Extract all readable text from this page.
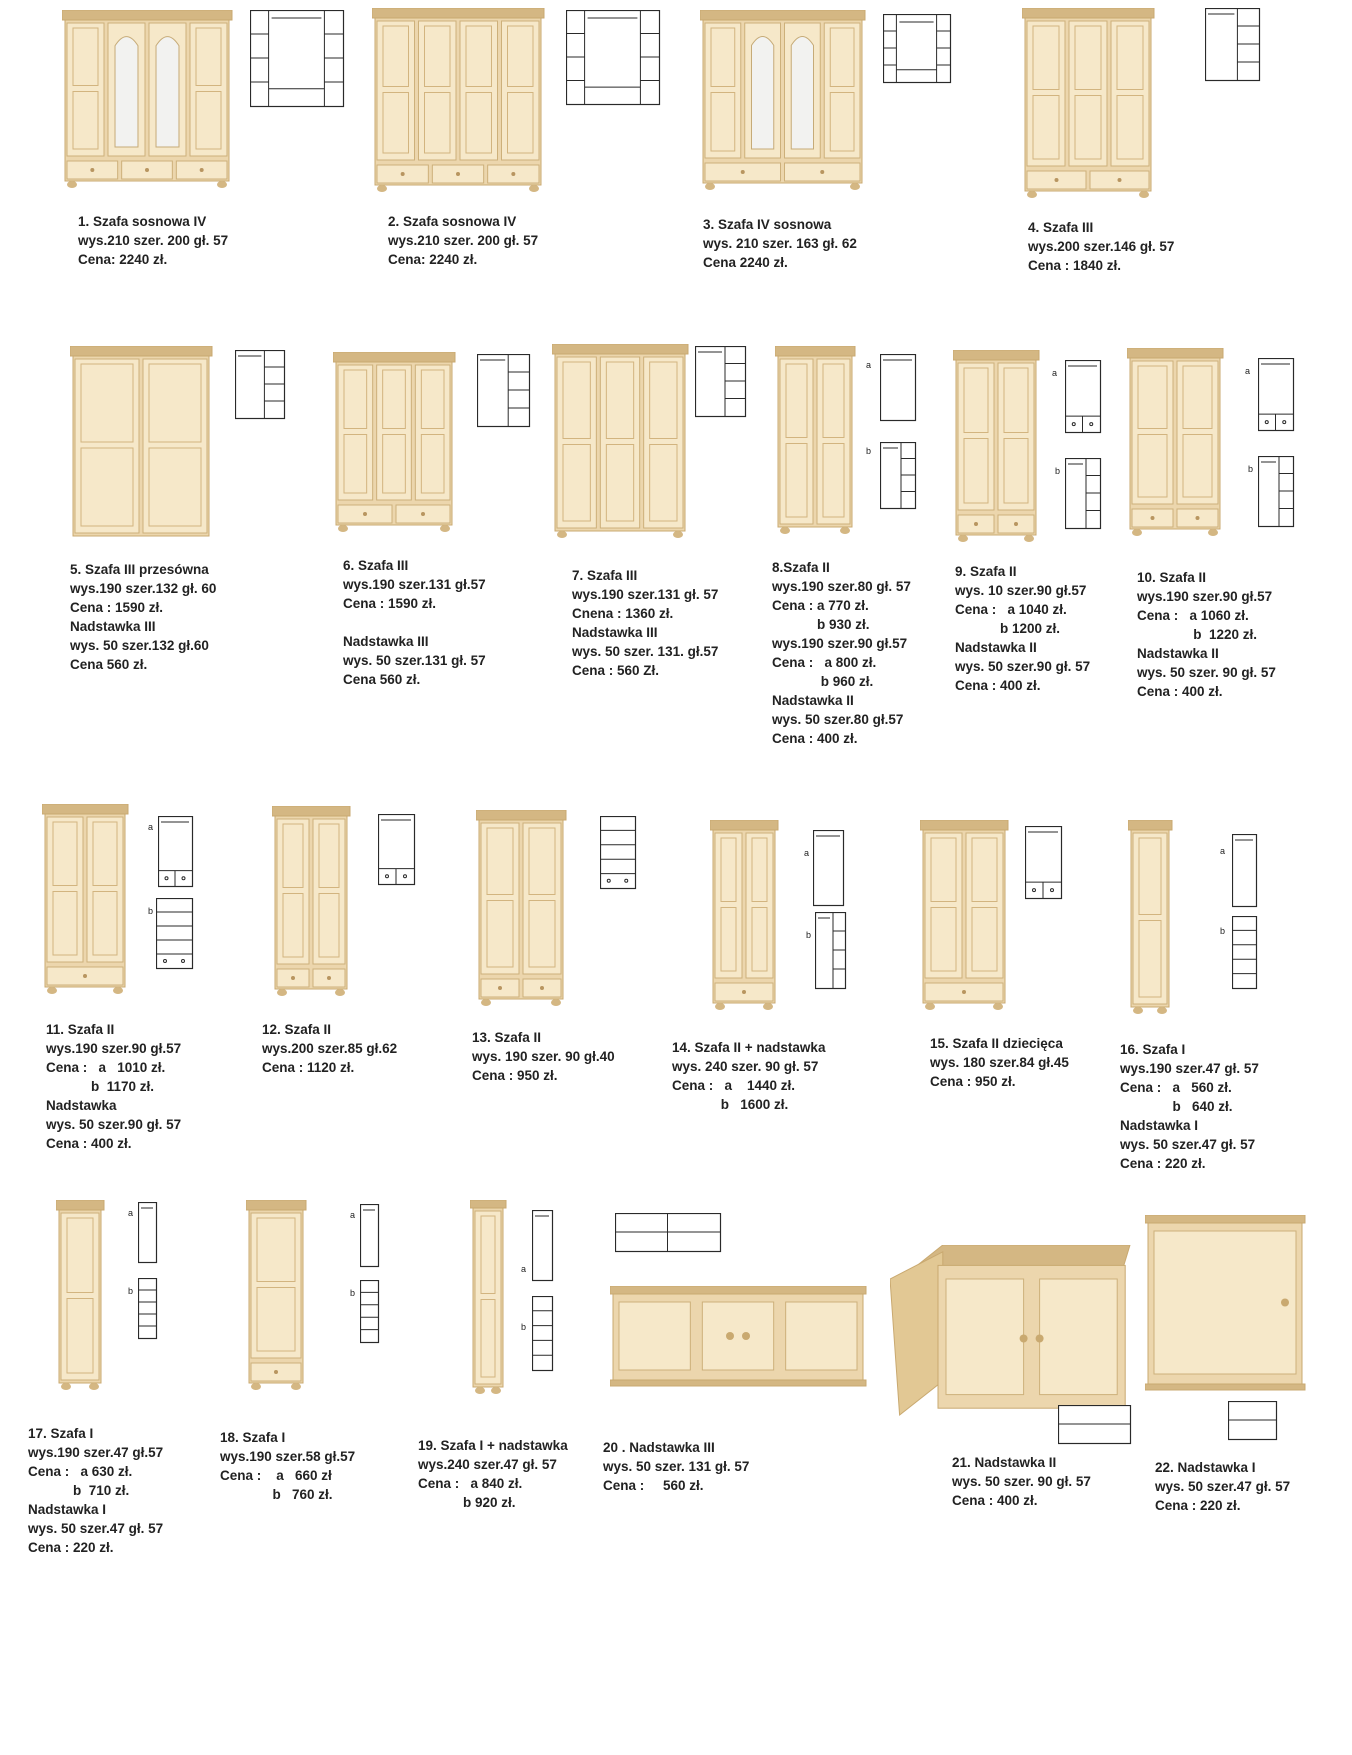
1. Szafa sosnowa IV
wys.210 szer. 200 gł. 57
Cena: 2240 zł.
2. Szafa sosnowa IV
wys.210 szer. 200 gł. 57
Cena: 2240 zł.
3. Szafa IV sosnowa
wys. 210 szer. 163 gł. 62
Cena 2240 zł.
4. Szafa III
wys.200 szer.146 gł. 57
Cena : 1840 zł.
5. Szafa III przesówna
wys.190 szer.132 gł. 60
Cena : 1590 zł.
Nadstawka III
wys. 50 szer.132 gł.60
Cena 560 zł.
6. Szafa III
wys.190 szer.131 gł.57
Cena : 1590 zł.

Nadstawka III
wys. 50 szer.131 gł. 57
Cena 560 zł.
7. Szafa III
wys.190 szer.131 gł. 57
Cnena : 1360 zł.
Nadstawka III
wys. 50 szer. 131. gł.57
Cena : 560 Zł.
8.Szafa II
wys.190 szer.80 gł. 57
Cena : a 770 zł.
b 930 zł.
wys.190 szer.90 gł.57
Cena :   a 800 zł.
b 960 zł.
Nadstawka II
wys. 50 szer.80 gł.57
Cena : 400 zł.
9. Szafa II
wys. 10 szer.90 gł.57
Cena :   a 1040 zł.
b 1200 zł.
Nadstawka II
wys. 50 szer.90 gł. 57
Cena : 400 zł.
10. Szafa II
wys.190 szer.90 gł.57
Cena :   a 1060 zł.
b  1220 zł.
Nadstawka II
wys. 50 szer. 90 gł. 57
Cena : 400 zł.
11. Szafa II
wys.190 szer.90 gł.57
Cena :   a   1010 zł.
b  1170 zł.
Nadstawka
wys. 50 szer.90 gł. 57
Cena : 400 zł.
12. Szafa II
wys.200 szer.85 gł.62
Cena : 1120 zł.
13. Szafa II
wys. 190 szer. 90 gł.40
Cena : 950 zł.
14. Szafa II + nadstawka
wys. 240 szer. 90 gł. 57
Cena :   a    1440 zł.
b   1600 zł.
15. Szafa II dziecięca
wys. 180 szer.84 gł.45
Cena : 950 zł.
16. Szafa I
wys.190 szer.47 gł. 57
Cena :   a   560 zł.
b   640 zł.
Nadstawka I
wys. 50 szer.47 gł. 57
Cena : 220 zł.
17. Szafa I
wys.190 szer.47 gł.57
Cena :   a 630 zł.
b  710 zł.
Nadstawka I
wys. 50 szer.47 gł. 57
Cena : 220 zł.
18. Szafa I
wys.190 szer.58 gł.57
Cena :    a   660 zł
b   760 zł.
19. Szafa I + nadstawka
wys.240 szer.47 gł. 57
Cena :   a 840 zł.
b 920 zł.
20 . Nadstawka III
wys. 50 szer. 131 gł. 57
Cena :     560 zł.
21. Nadstawka II
wys. 50 szer. 90 gł. 57
Cena : 400 zł.
22. Nadstawka I
wys. 50 szer.47 gł. 57
Cena : 220 zł.
a
b
a
b
a
b
a
b
a
b
a
b
a
b
a
b
a
b
